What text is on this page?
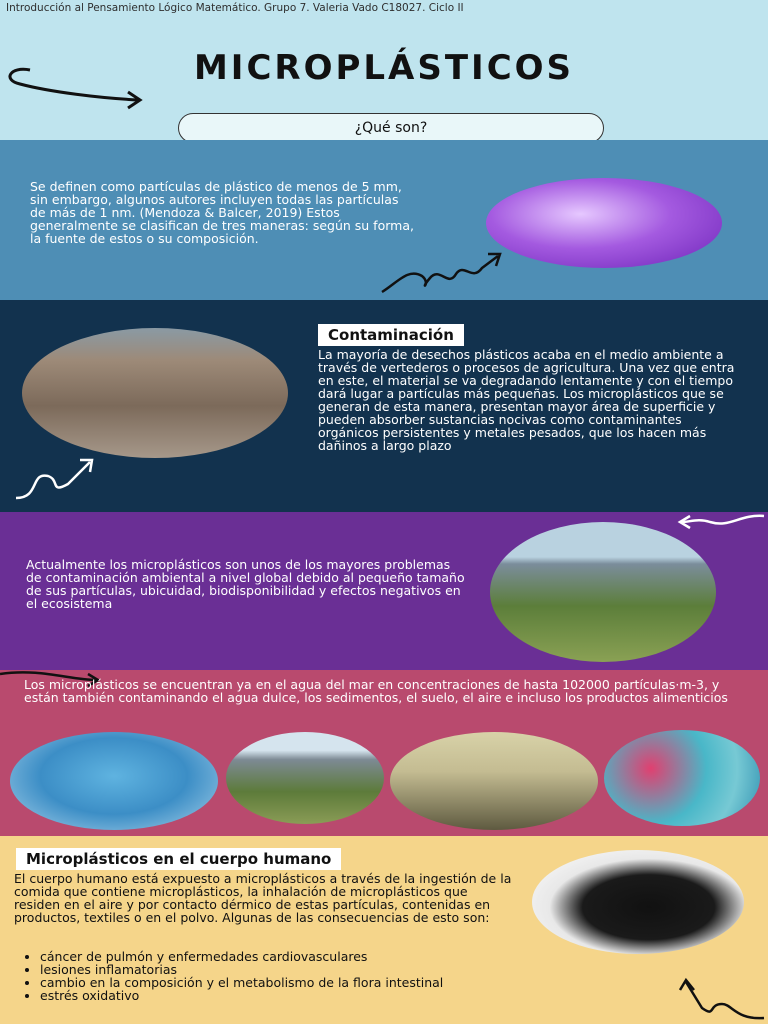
Introducción al Pensamiento Lógico Matemático. Grupo 7. Valeria Vado C18027. Ciclo II

MICROPLÁSTICOS
¿Qué son?

Se definen como partículas de plástico de menos de 5 mm, sin embargo, algunos autores incluyen todas las partículas de más de 1 nm. (Mendoza & Balcer, 2019) Estos generalmente se clasifican de tres maneras: según su forma, la fuente de estos o su composición.

Contaminación

La mayoría de desechos plásticos acaba en el medio ambiente a través de vertederos o procesos de agricultura. Una vez que entra en este, el material se va degradando lentamente y con el tiempo dará lugar a partículas más pequeñas. Los microplásticos que se generan de esta manera, presentan mayor área de superficie y pueden absorber sustancias nocivas como contaminantes orgánicos persistentes y metales pesados, que los hacen más dañinos a largo plazo

Actualmente los microplásticos son unos de los mayores problemas de contaminación ambiental a nivel global debido al pequeño tamaño de sus partículas, ubicuidad, biodisponibilidad y efectos negativos en el ecosistema

Los microplásticos se encuentran ya en el agua del mar en concentraciones de hasta 102000 partículas·m-3, y están también contaminando el agua dulce, los sedimentos, el suelo, el aire e incluso los productos alimenticios

Microplásticos en el cuerpo humano

El cuerpo humano está expuesto a microplásticos a través de la ingestión de la comida que contiene microplásticos, la inhalación de microplásticos que residen en el aire y por contacto dérmico de estas partículas, contenidas en productos, textiles o en el polvo. Algunas de las consecuencias de esto son:

• cáncer de pulmón y enfermedades cardiovasculares
• lesiones inflamatorias
• cambio en la composición y el metabolismo de la flora intestinal
• estrés oxidativo
